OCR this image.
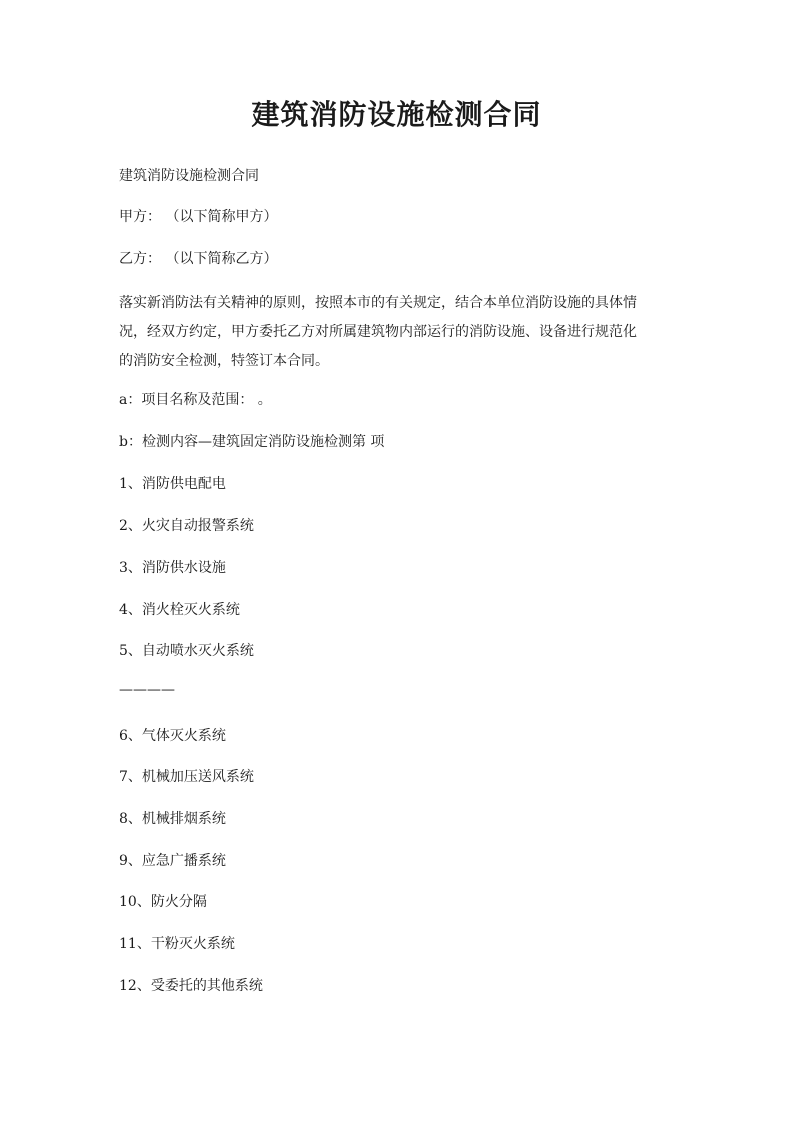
建筑消防设施检测合同

建筑消防设施检测合同

甲方： （以下简称甲方）

乙方： （以下简称乙方）

落实新消防法有关精神的原则，按照本市的有关规定，结合本单位消防设施的具体情
况，经双方约定，甲方委托乙方对所属建筑物内部运行的消防设施、设备进行规范化
的消防安全检测，特签订本合同。

a：项目名称及范围： 。

b：检测内容—建筑固定消防设施检测第 项

1、消防供电配电

2、火灾自动报警系统

3、消防供水设施

4、消火栓灭火系统

5、自动喷水灭火系统

————

6、气体灭火系统

7、机械加压送风系统

8、机械排烟系统

9、应急广播系统

10、防火分隔

11、干粉灭火系统

12、受委托的其他系统
